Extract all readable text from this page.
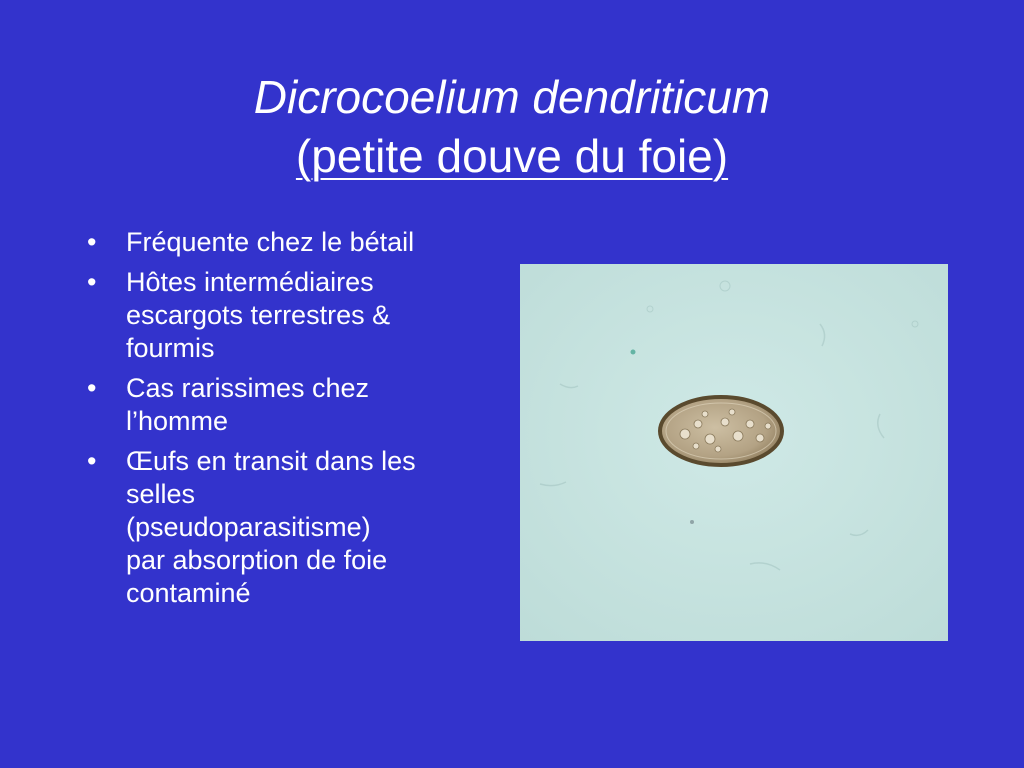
Dicrocoelium dendriticum
(petite douve du foie)
• Fréquente chez le bétail
• Hôtes intermédiaires
escargots terrestres &
fourmis
• Cas rarissimes chez
l’homme
• Œufs en transit dans les
selles
(pseudoparasitisme)
par absorption de foie
contaminé
